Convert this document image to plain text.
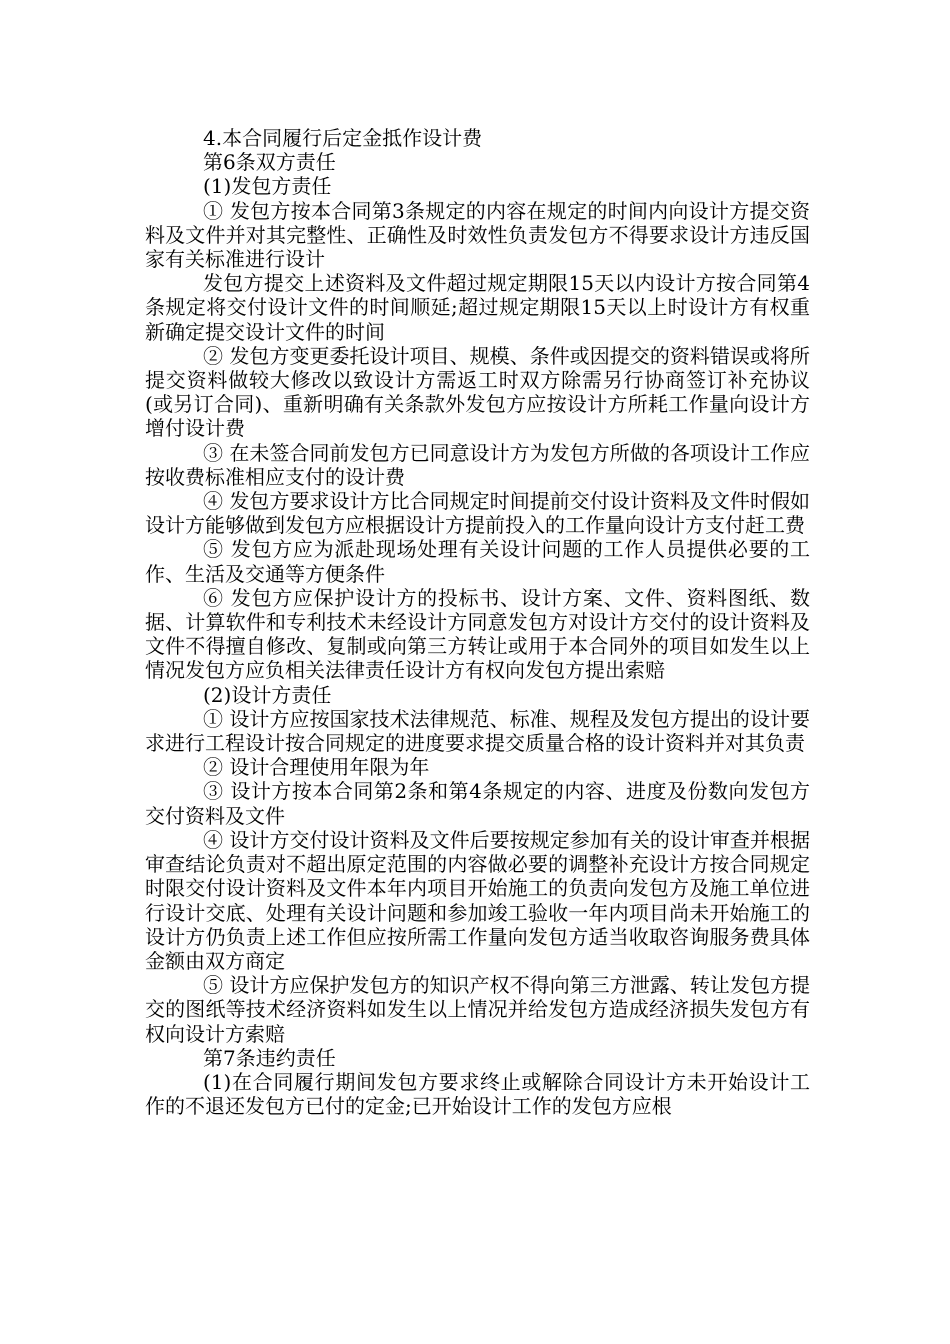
4.本合同履行后定金抵作设计费

第6条双方责任

(1)发包方责任

① 发包方按本合同第3条规定的内容在规定的时间内向设计方提交资料及文件并对其完整性、正确性及时效性负责发包方不得要求设计方违反国家有关标准进行设计

发包方提交上述资料及文件超过规定期限15天以内设计方按合同第4条规定将交付设计文件的时间顺延;超过规定期限15天以上时设计方有权重新确定提交设计文件的时间

② 发包方变更委托设计项目、规模、条件或因提交的资料错误或将所提交资料做较大修改以致设计方需返工时双方除需另行协商签订补充协议(或另订合同)、重新明确有关条款外发包方应按设计方所耗工作量向设计方增付设计费

③ 在未签合同前发包方已同意设计方为发包方所做的各项设计工作应按收费标准相应支付的设计费

④ 发包方要求设计方比合同规定时间提前交付设计资料及文件时假如设计方能够做到发包方应根据设计方提前投入的工作量向设计方支付赶工费

⑤ 发包方应为派赴现场处理有关设计问题的工作人员提供必要的工作、生活及交通等方便条件

⑥ 发包方应保护设计方的投标书、设计方案、文件、资料图纸、数据、计算软件和专利技术未经设计方同意发包方对设计方交付的设计资料及文件不得擅自修改、复制或向第三方转让或用于本合同外的项目如发生以上情况发包方应负相关法律责任设计方有权向发包方提出索赔

(2)设计方责任

① 设计方应按国家技术法律规范、标准、规程及发包方提出的设计要求进行工程设计按合同规定的进度要求提交质量合格的设计资料并对其负责

② 设计合理使用年限为年

③ 设计方按本合同第2条和第4条规定的内容、进度及份数向发包方交付资料及文件

④ 设计方交付设计资料及文件后要按规定参加有关的设计审查并根据审查结论负责对不超出原定范围的内容做必要的调整补充设计方按合同规定时限交付设计资料及文件本年内项目开始施工的负责向发包方及施工单位进行设计交底、处理有关设计问题和参加竣工验收一年内项目尚未开始施工的设计方仍负责上述工作但应按所需工作量向发包方适当收取咨询服务费具体金额由双方商定

⑤ 设计方应保护发包方的知识产权不得向第三方泄露、转让发包方提交的图纸等技术经济资料如发生以上情况并给发包方造成经济损失发包方有权向设计方索赔

第7条违约责任

(1)在合同履行期间发包方要求终止或解除合同设计方未开始设计工作的不退还发包方已付的定金;已开始设计工作的发包方应根
